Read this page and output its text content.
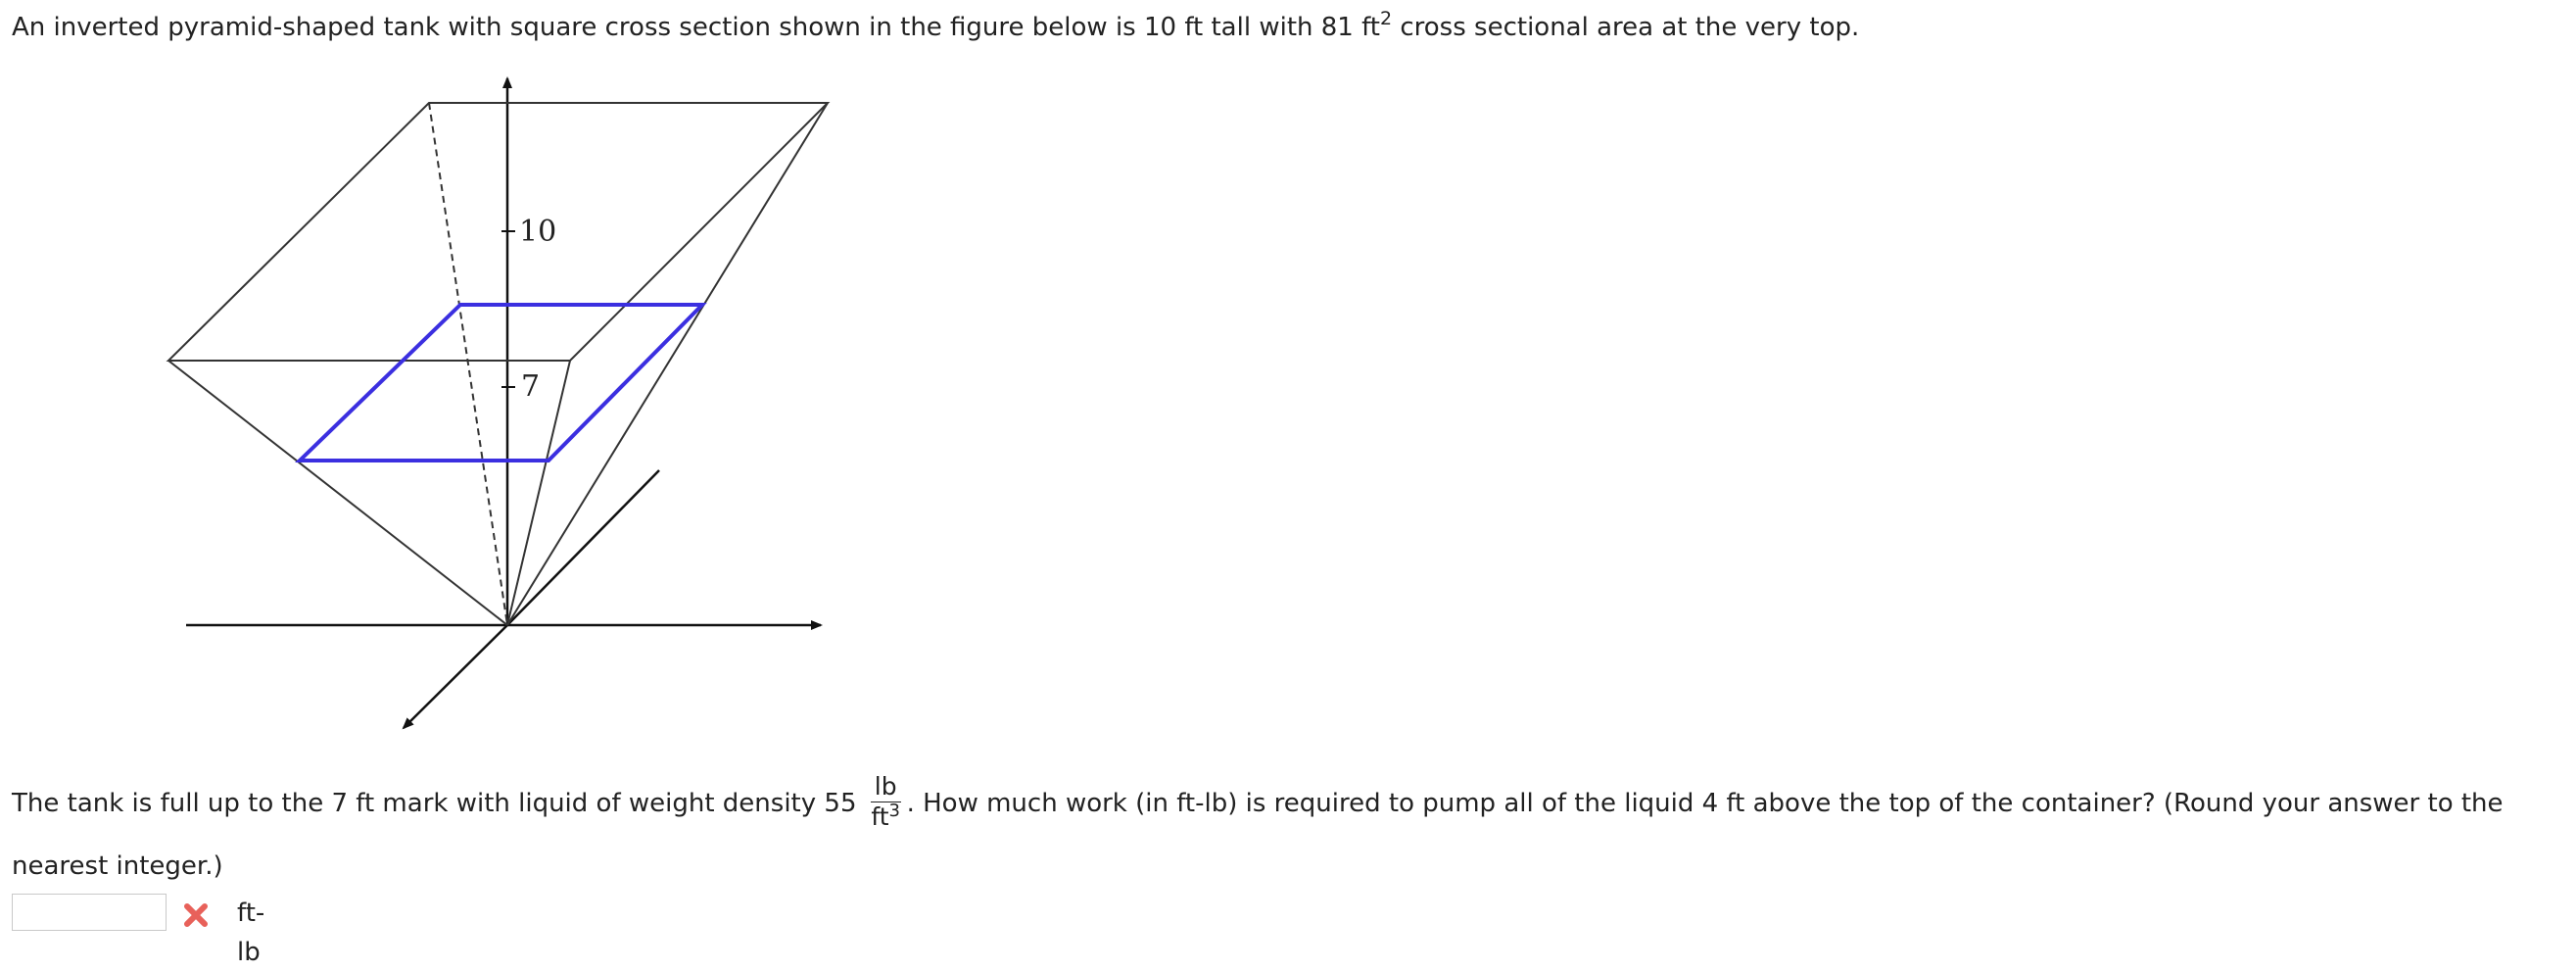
An inverted pyramid-shaped tank with square cross section shown in the figure below is 10 ft tall with 81 $ft^2$ cross sectional area at the very top.
10
7
The tank is full up to the 7 ft mark with liquid of weight density $55 \frac{lb}{ft^3}$ . How much work (in ft-lb) is required to pump all of the liquid 4 ft above the top of the container? (Round your answer to the
nearest integer.)
ft-lb
